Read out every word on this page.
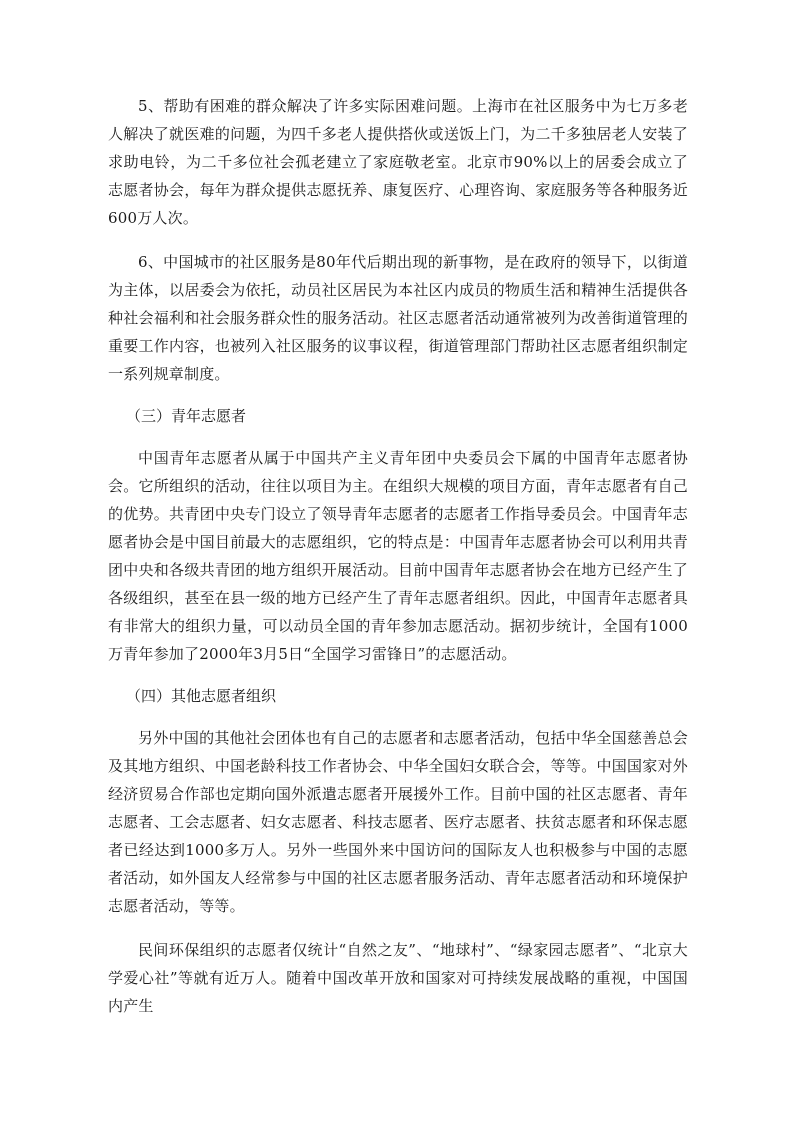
5、帮助有困难的群众解决了许多实际困难问题。上海市在社区服务中为七万多老人解决了就医难的问题，为四千多老人提供搭伙或送饭上门，为二千多独居老人安装了求助电铃，为二千多位社会孤老建立了家庭敬老室。北京市90%以上的居委会成立了志愿者协会，每年为群众提供志愿抚养、康复医疗、心理咨询、家庭服务等各种服务近600万人次。

6、中国城市的社区服务是80年代后期出现的新事物，是在政府的领导下，以街道为主体，以居委会为依托，动员社区居民为本社区内成员的物质生活和精神生活提供各种社会福利和社会服务群众性的服务活动。社区志愿者活动通常被列为改善街道管理的重要工作内容，也被列入社区服务的议事议程，街道管理部门帮助社区志愿者组织制定一系列规章制度。

（三）青年志愿者

中国青年志愿者从属于中国共产主义青年团中央委员会下属的中国青年志愿者协会。它所组织的活动，往往以项目为主。在组织大规模的项目方面，青年志愿者有自己的优势。共青团中央专门设立了领导青年志愿者的志愿者工作指导委员会。中国青年志愿者协会是中国目前最大的志愿组织，它的特点是：中国青年志愿者协会可以利用共青团中央和各级共青团的地方组织开展活动。目前中国青年志愿者协会在地方已经产生了各级组织，甚至在县一级的地方已经产生了青年志愿者组织。因此，中国青年志愿者具有非常大的组织力量，可以动员全国的青年参加志愿活动。据初步统计，全国有1000万青年参加了2000年3月5日“全国学习雷锋日”的志愿活动。

（四）其他志愿者组织

另外中国的其他社会团体也有自己的志愿者和志愿者活动，包括中华全国慈善总会及其地方组织、中国老龄科技工作者协会、中华全国妇女联合会，等等。中国国家对外经济贸易合作部也定期向国外派遣志愿者开展援外工作。目前中国的社区志愿者、青年志愿者、工会志愿者、妇女志愿者、科技志愿者、医疗志愿者、扶贫志愿者和环保志愿者已经达到1000多万人。另外一些国外来中国访问的国际友人也积极参与中国的志愿者活动，如外国友人经常参与中国的社区志愿者服务活动、青年志愿者活动和环境保护志愿者活动，等等。

民间环保组织的志愿者仅统计“自然之友”、“地球村”、“绿家园志愿者”、“北京大学爱心社”等就有近万人。随着中国改革开放和国家对可持续发展战略的重视，中国国内产生
